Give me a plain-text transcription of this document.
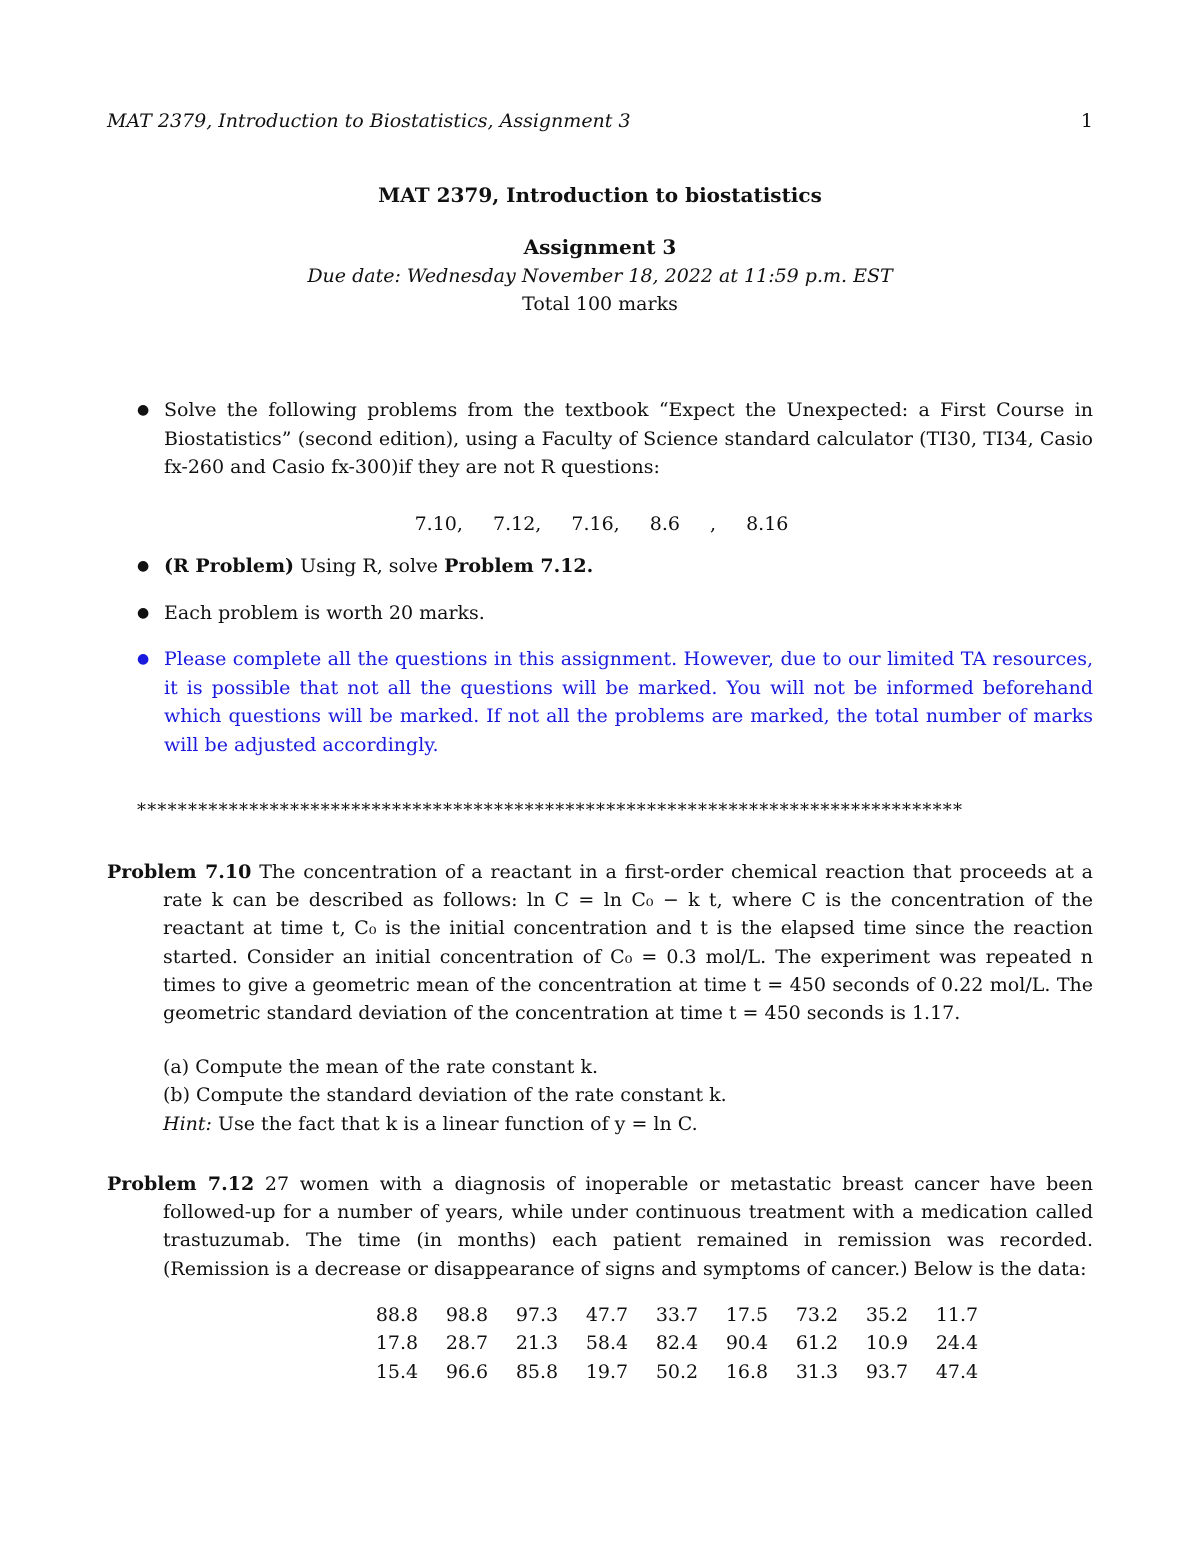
MAT 2379, Introduction to Biostatistics, Assignment 3	1
MAT 2379, Introduction to biostatistics
Assignment 3
Due date: Wednesday November 18, 2022 at 11:59 p.m. EST
Total 100 marks
● Solve the following problems from the textbook “Expect the Unexpected: a First Course in Biostatistics” (second edition), using a Faculty of Science standard calculator (TI30, TI34, Casio fx-260 and Casio fx-300)if they are not R questions:
7.10, 7.12, 7.16, 8.6 , 8.16
● (R Problem) Using R, solve Problem 7.12.
● Each problem is worth 20 marks.
● Please complete all the questions in this assignment. However, due to our limited TA resources, it is possible that not all the questions will be marked. You will not be informed beforehand which questions will be marked. If not all the problems are marked, the total number of marks will be adjusted accordingly.
*********************************************************************************
Problem 7.10 The concentration of a reactant in a first-order chemical reaction that proceeds at a rate k can be described as follows: ln C = ln C₀ − k t, where C is the concentration of the reactant at time t, C₀ is the initial concentration and t is the elapsed time since the reaction started. Consider an initial concentration of C₀ = 0.3 mol/L. The experiment was repeated n times to give a geometric mean of the concentration at time t = 450 seconds of 0.22 mol/L. The geometric standard deviation of the concentration at time t = 450 seconds is 1.17.
(a) Compute the mean of the rate constant k.
(b) Compute the standard deviation of the rate constant k.
Hint: Use the fact that k is a linear function of y = ln C.
Problem 7.12 27 women with a diagnosis of inoperable or metastatic breast cancer have been followed-up for a number of years, while under continuous treatment with a medication called trastuzumab. The time (in months) each patient remained in remission was recorded. (Remission is a decrease or disappearance of signs and symptoms of cancer.) Below is the data:
88.8	98.8	97.3	47.7	33.7	17.5	73.2	35.2	11.7
17.8	28.7	21.3	58.4	82.4	90.4	61.2	10.9	24.4
15.4	96.6	85.8	19.7	50.2	16.8	31.3	93.7	47.4
